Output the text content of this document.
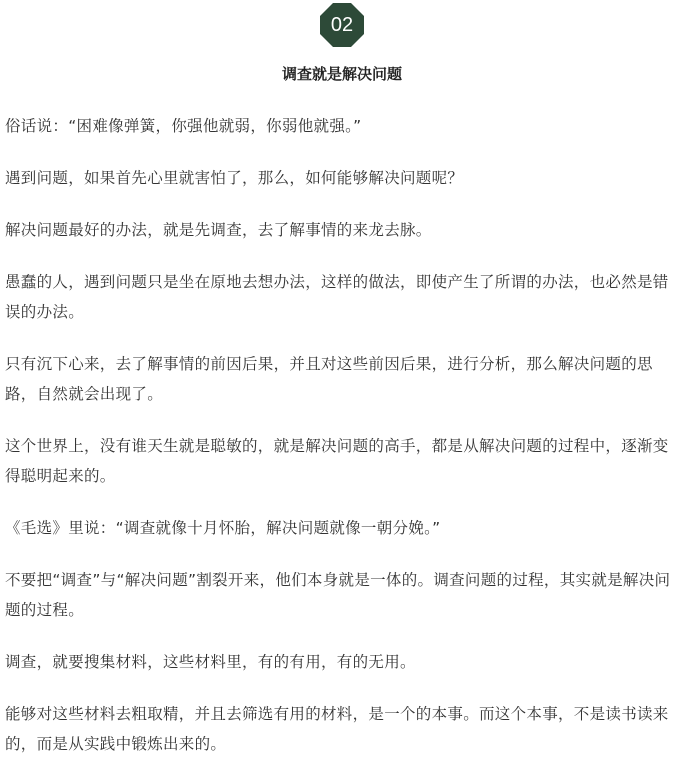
02
调查就是解决问题

俗话说：“困难像弹簧，你强他就弱，你弱他就强。”

遇到问题，如果首先心里就害怕了，那么，如何能够解决问题呢？

解决问题最好的办法，就是先调查，去了解事情的来龙去脉。

愚蠢的人，遇到问题只是坐在原地去想办法，这样的做法，即使产生了所谓的办法，也必然是错误的办法。

只有沉下心来，去了解事情的前因后果，并且对这些前因后果，进行分析，那么解决问题的思路，自然就会出现了。

这个世界上，没有谁天生就是聪敏的，就是解决问题的高手，都是从解决问题的过程中，逐渐变得聪明起来的。

《毛选》里说：“调查就像十月怀胎，解决问题就像一朝分娩。”

不要把“调查”与“解决问题”割裂开来，他们本身就是一体的。调查问题的过程，其实就是解决问题的过程。

调查，就要搜集材料，这些材料里，有的有用，有的无用。

能够对这些材料去粗取精，并且去筛选有用的材料，是一个的本事。而这个本事，不是读书读来的，而是从实践中锻炼出来的。
